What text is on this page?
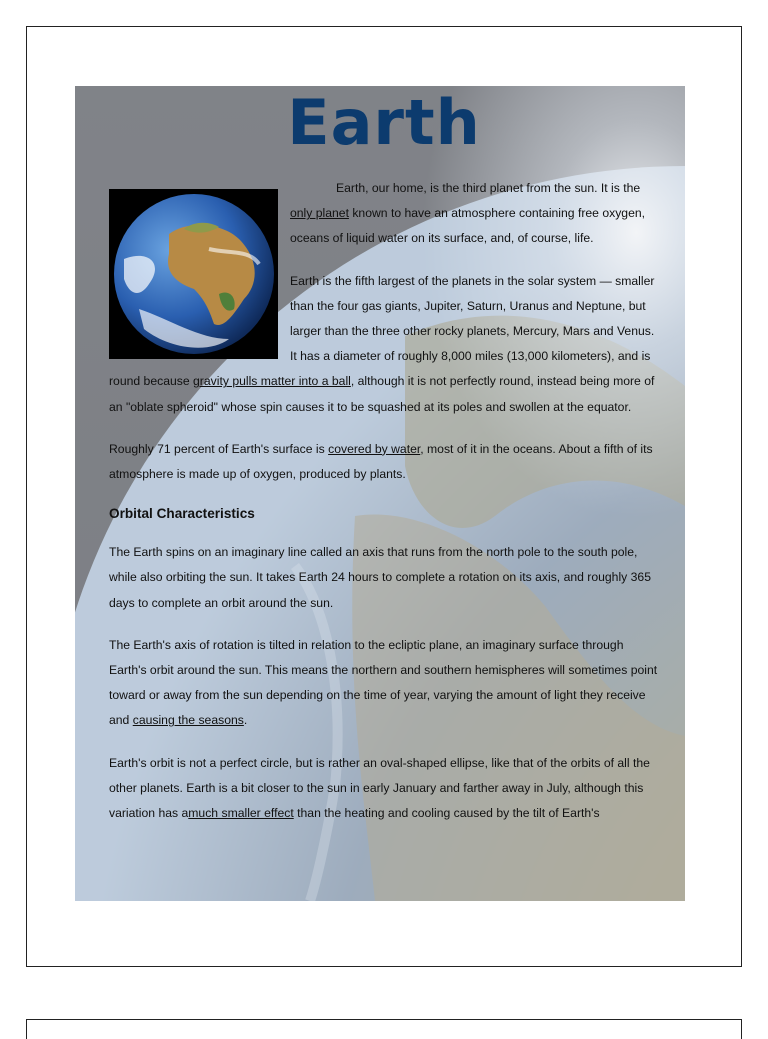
Earth

Earth, our home, is the third planet from the sun. It is the only planet known to have an atmosphere containing free oxygen, oceans of liquid water on its surface, and, of course, life.

Earth is the fifth largest of the planets in the solar system — smaller than the four gas giants, Jupiter, Saturn, Uranus and Neptune, but larger than the three other rocky planets, Mercury, Mars and Venus. It has a diameter of roughly 8,000 miles (13,000 kilometers), and is round because gravity pulls matter into a ball, although it is not perfectly round, instead being more of an "oblate spheroid" whose spin causes it to be squashed at its poles and swollen at the equator.

Roughly 71 percent of Earth's surface is covered by water, most of it in the oceans. About a fifth of its atmosphere is made up of oxygen, produced by plants.

Orbital Characteristics

The Earth spins on an imaginary line called an axis that runs from the north pole to the south pole, while also orbiting the sun. It takes Earth 24 hours to complete a rotation on its axis, and roughly 365 days to complete an orbit around the sun.

The Earth's axis of rotation is tilted in relation to the ecliptic plane, an imaginary surface through Earth's orbit around the sun. This means the northern and southern hemispheres will sometimes point toward or away from the sun depending on the time of year, varying the amount of light they receive and causing the seasons.

Earth's orbit is not a perfect circle, but is rather an oval-shaped ellipse, like that of the orbits of all the other planets. Earth is a bit closer to the sun in early January and farther away in July, although this variation has amuch smaller effect than the heating and cooling caused by the tilt of Earth's
